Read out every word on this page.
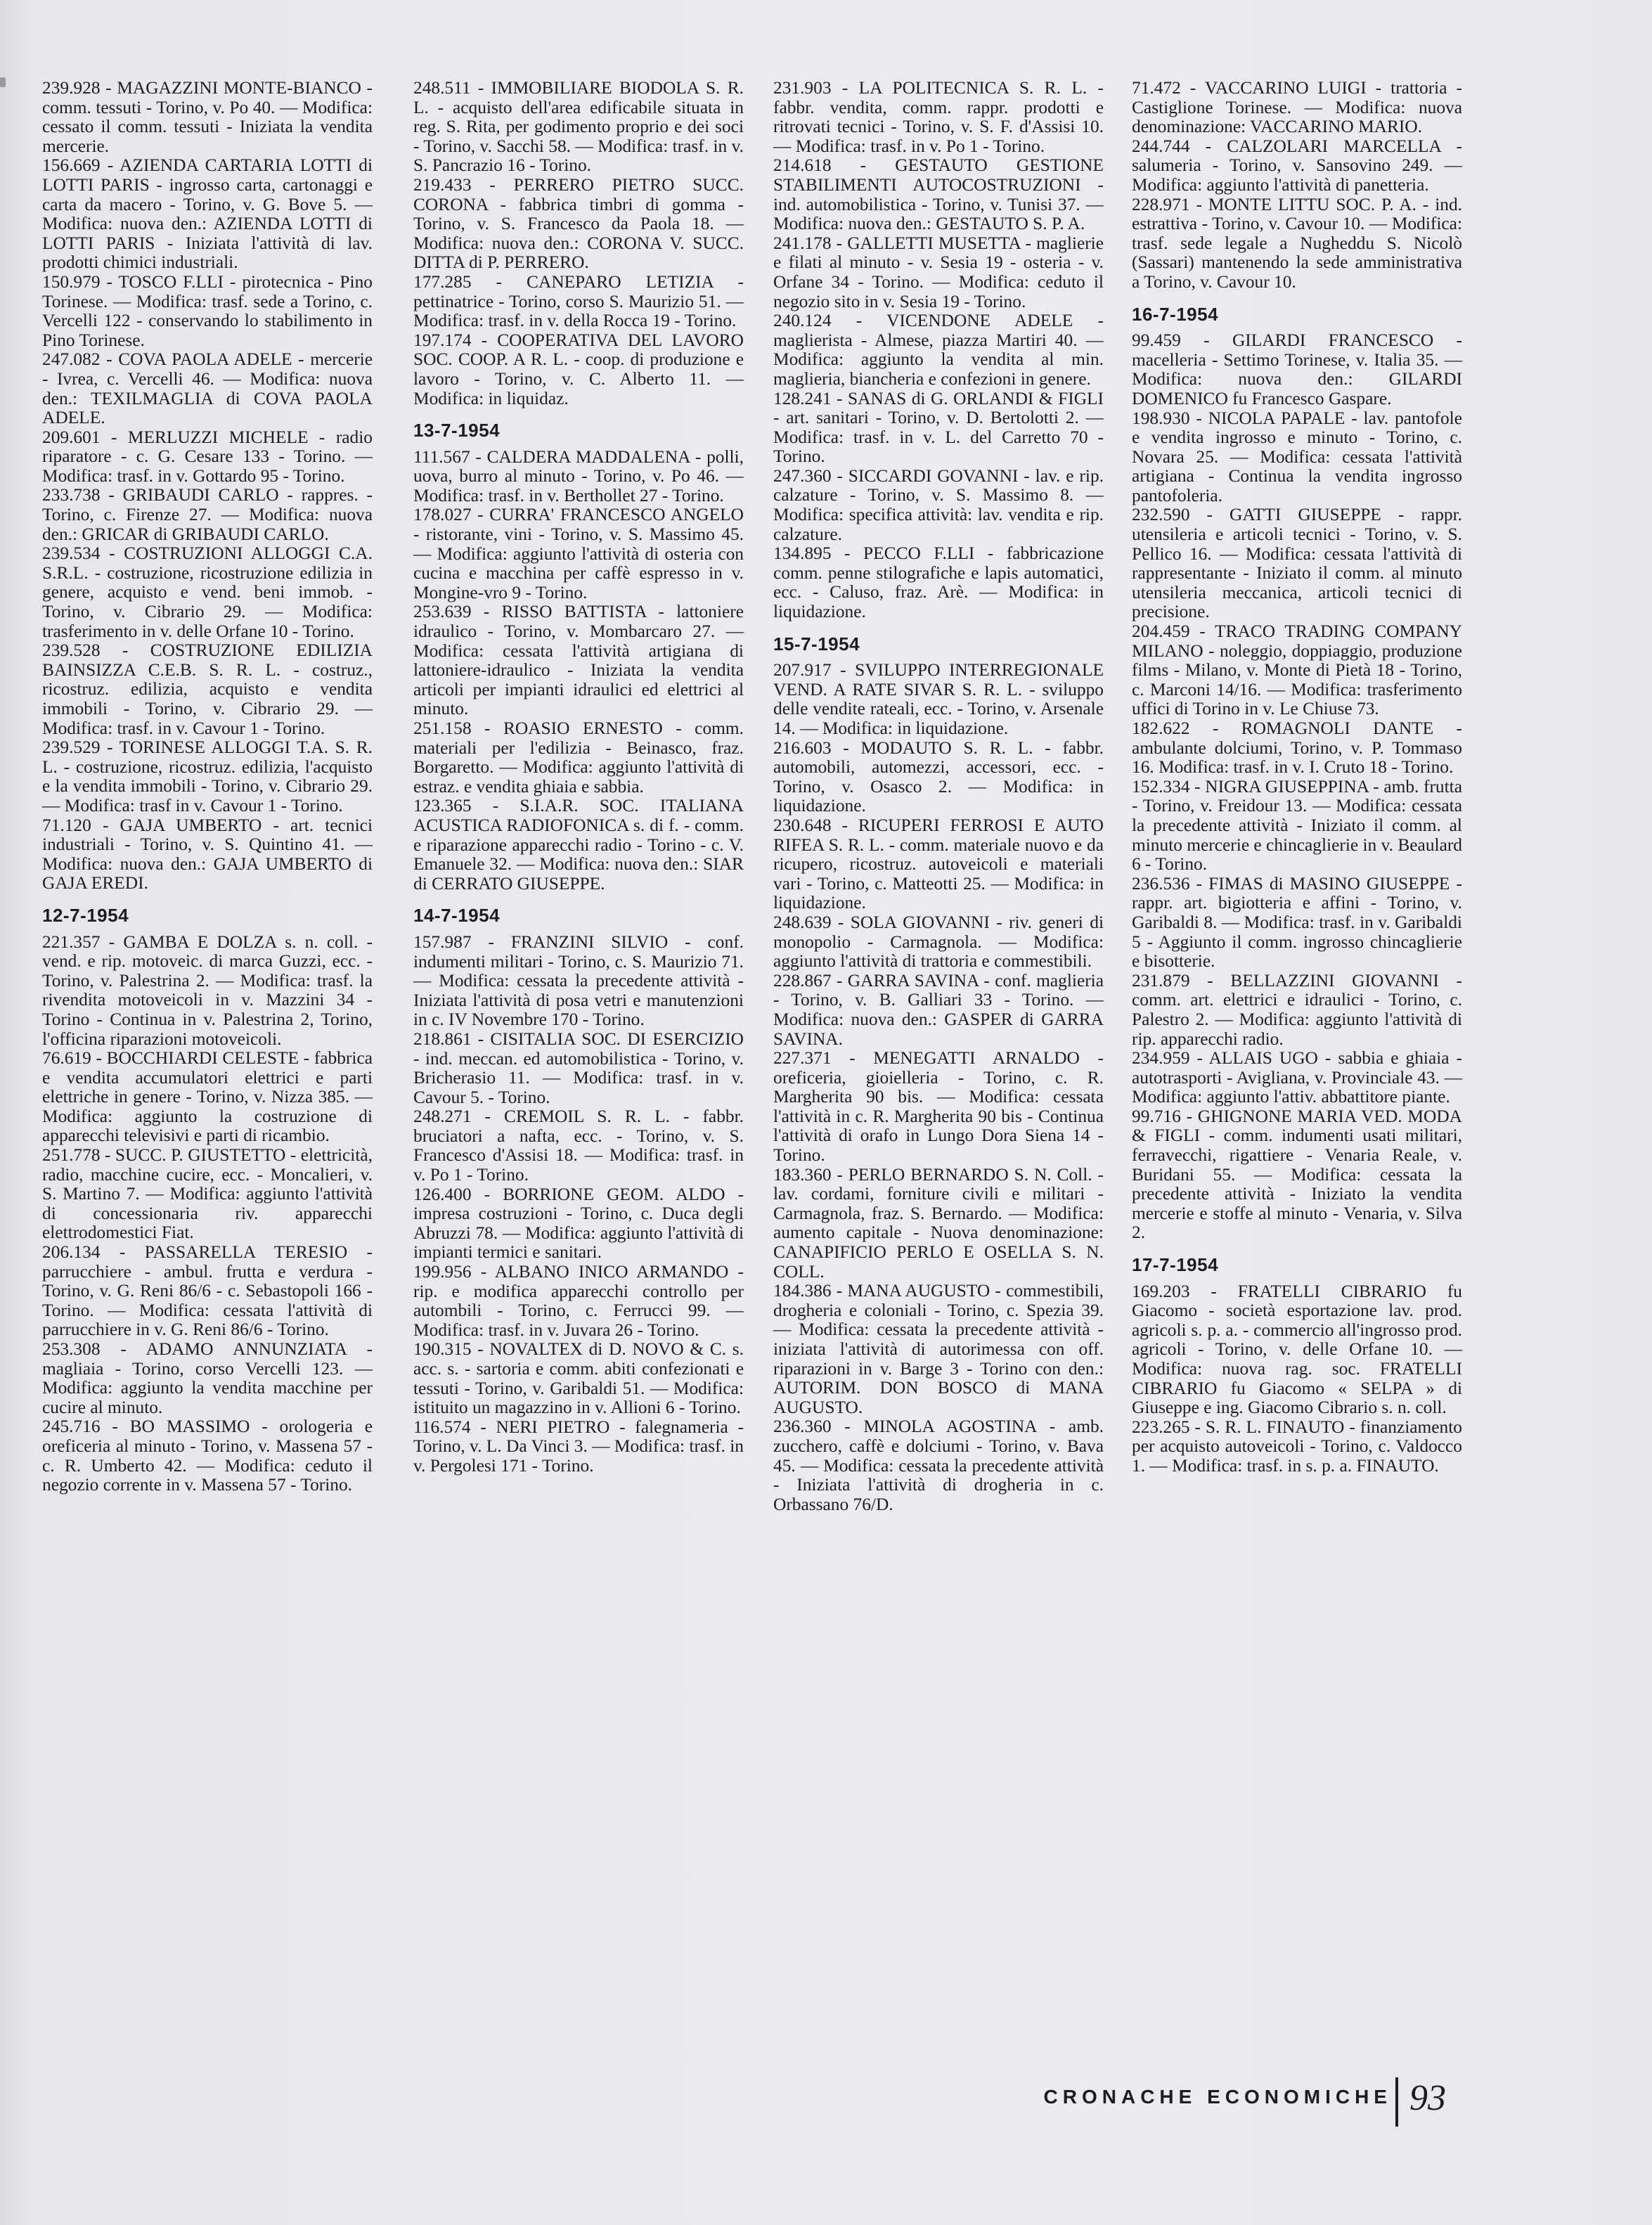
239.928 - MAGAZZINI MONTE-BIANCO - comm. tessuti - Torino, v. Po 40. — Modifica: cessato il comm. tessuti - Iniziata la vendita mercerie.
156.669 - AZIENDA CARTARIA LOTTI di LOTTI PARIS - ingrosso carta, cartonaggi e carta da macero - Torino, v. G. Bove 5. — Modifica: nuova den.: AZIENDA LOTTI di LOTTI PARIS - Iniziata l'attività di lav. prodotti chimici industriali.
150.979 - TOSCO F.LLI - pirotecnica - Pino Torinese. — Modifica: trasf. sede a Torino, c. Vercelli 122 - conservando lo stabilimento in Pino Torinese.
247.082 - COVA PAOLA ADELE - mercerie - Ivrea, c. Vercelli 46. — Modifica: nuova den.: TEXILMAGLIA di COVA PAOLA ADELE.
209.601 - MERLUZZI MICHELE - radio riparatore - c. G. Cesare 133 - Torino. — Modifica: trasf. in v. Gottardo 95 - Torino.
233.738 - GRIBAUDI CARLO - rappres. - Torino, c. Firenze 27. — Modifica: nuova den.: GRICAR di GRIBAUDI CARLO.
239.534 - COSTRUZIONI ALLOGGI C.A. S.R.L. - costruzione, ricostruzione edilizia in genere, acquisto e vend. beni immob. - Torino, v. Cibrario 29. — Modifica: trasferimento in v. delle Orfane 10 - Torino.
239.528 - COSTRUZIONE EDILIZIA BAINSIZZA C.E.B. S. R. L. - costruz., ricostruz. edilizia, acquisto e vendita immobili - Torino, v. Cibrario 29. — Modifica: trasf. in v. Cavour 1 - Torino.
239.529 - TORINESE ALLOGGI T.A. S. R. L. - costruzione, ricostruz. edilizia, l'acquisto e la vendita immobili - Torino, v. Cibrario 29. — Modifica: trasf in v. Cavour 1 - Torino.
71.120 - GAJA UMBERTO - art. tecnici industriali - Torino, v. S. Quintino 41. — Modifica: nuova den.: GAJA UMBERTO di GAJA EREDI.
12-7-1954
221.357 - GAMBA E DOLZA s. n. coll. - vend. e rip. motoveic. di marca Guzzi, ecc. - Torino, v. Palestrina 2. — Modifica: trasf. la rivendita motoveicoli in v. Mazzini 34 - Torino - Continua in v. Palestrina 2, Torino, l'officina riparazioni motoveicoli.
76.619 - BOCCHIARDI CELESTE - fabbrica e vendita accumulatori elettrici e parti elettriche in genere - Torino, v. Nizza 385. — Modifica: aggiunto la costruzione di apparecchi televisivi e parti di ricambio.
251.778 - SUCC. P. GIUSTETTO - elettricità, radio, macchine cucire, ecc. - Moncalieri, v. S. Martino 7. — Modifica: aggiunto l'attività di concessionaria riv. apparecchi elettrodomestici Fiat.
206.134 - PASSARELLA TERESIO - parrucchiere - ambul. frutta e verdura - Torino, v. G. Reni 86/6 - c. Sebastopoli 166 - Torino. — Modifica: cessata l'attività di parrucchiere in v. G. Reni 86/6 - Torino.
253.308 - ADAMO ANNUNZIATA - magliaia - Torino, corso Vercelli 123. — Modifica: aggiunto la vendita macchine per cucire al minuto.
245.716 - BO MASSIMO - orologeria e oreficeria al minuto - Torino, v. Massena 57 - c. R. Umberto 42. — Modifica: ceduto il negozio corrente in v. Massena 57 - Torino.
248.511 - IMMOBILIARE BIODOLA S. R. L. - acquisto dell'area edificabile situata in reg. S. Rita, per godimento proprio e dei soci - Torino, v. Sacchi 58. — Modifica: trasf. in v. S. Pancrazio 16 - Torino.
219.433 - PERRERO PIETRO SUCC. CORONA - fabbrica timbri di gomma - Torino, v. S. Francesco da Paola 18. — Modifica: nuova den.: CORONA V. SUCC. DITTA di P. PERRERO.
177.285 - CANEPARO LETIZIA - pettinatrice - Torino, corso S. Maurizio 51. — Modifica: trasf. in v. della Rocca 19 - Torino.
197.174 - COOPERATIVA DEL LAVORO SOC. COOP. A R. L. - coop. di produzione e lavoro - Torino, v. C. Alberto 11. — Modifica: in liquidaz.
13-7-1954
111.567 - CALDERA MADDALENA - polli, uova, burro al minuto - Torino, v. Po 46. — Modifica: trasf. in v. Berthollet 27 - Torino.
178.027 - CURRA' FRANCESCO ANGELO - ristorante, vini - Torino, v. S. Massimo 45. — Modifica: aggiunto l'attività di osteria con cucina e macchina per caffè espresso in v. Mongine-vro 9 - Torino.
253.639 - RISSO BATTISTA - lattoniere idraulico - Torino, v. Mombarcaro 27. — Modifica: cessata l'attività artigiana di lattoniere-idraulico - Iniziata la vendita articoli per impianti idraulici ed elettrici al minuto.
251.158 - ROASIO ERNESTO - comm. materiali per l'edilizia - Beinasco, fraz. Borgaretto. — Modifica: aggiunto l'attività di estraz. e vendita ghiaia e sabbia.
123.365 - S.I.A.R. SOC. ITALIANA ACUSTICA RADIOFONICA s. di f. - comm. e riparazione apparecchi radio - Torino - c. V. Emanuele 32. — Modifica: nuova den.: SIAR di CERRATO GIUSEPPE.
14-7-1954
157.987 - FRANZINI SILVIO - conf. indumenti militari - Torino, c. S. Maurizio 71. — Modifica: cessata la precedente attività - Iniziata l'attività di posa vetri e manutenzioni in c. IV Novembre 170 - Torino.
218.861 - CISITALIA SOC. DI ESERCIZIO - ind. meccan. ed automobilistica - Torino, v. Bricherasio 11. — Modifica: trasf. in v. Cavour 5. - Torino.
248.271 - CREMOIL S. R. L. - fabbr. bruciatori a nafta, ecc. - Torino, v. S. Francesco d'Assisi 18. — Modifica: trasf. in v. Po 1 - Torino.
126.400 - BORRIONE GEOM. ALDO - impresa costruzioni - Torino, c. Duca degli Abruzzi 78. — Modifica: aggiunto l'attività di impianti termici e sanitari.
199.956 - ALBANO INICO ARMANDO - rip. e modifica apparecchi controllo per autombili - Torino, c. Ferrucci 99. — Modifica: trasf. in v. Juvara 26 - Torino.
190.315 - NOVALTEX di D. NOVO & C. s. acc. s. - sartoria e comm. abiti confezionati e tessuti - Torino, v. Garibaldi 51. — Modifica: istituito un magazzino in v. Allioni 6 - Torino.
116.574 - NERI PIETRO - falegnameria - Torino, v. L. Da Vinci 3. — Modifica: trasf. in v. Pergolesi 171 - Torino.
231.903 - LA POLITECNICA S. R. L. - fabbr. vendita, comm. rappr. prodotti e ritrovati tecnici - Torino, v. S. F. d'Assisi 10. — Modifica: trasf. in v. Po 1 - Torino.
214.618 - GESTAUTO GESTIONE STABILIMENTI AUTOCOSTRUZIONI - ind. automobilistica - Torino, v. Tunisi 37. — Modifica: nuova den.: GESTAUTO S. P. A.
241.178 - GALLETTI MUSETTA - maglierie e filati al minuto - v. Sesia 19 - osteria - v. Orfane 34 - Torino. — Modifica: ceduto il negozio sito in v. Sesia 19 - Torino.
240.124 - VICENDONE ADELE - maglierista - Almese, piazza Martiri 40. — Modifica: aggiunto la vendita al min. maglieria, biancheria e confezioni in genere.
128.241 - SANAS di G. ORLANDI & FIGLI - art. sanitari - Torino, v. D. Bertolotti 2. — Modifica: trasf. in v. L. del Carretto 70 - Torino.
247.360 - SICCARDI GOVANNI - lav. e rip. calzature - Torino, v. S. Massimo 8. — Modifica: specifica attività: lav. vendita e rip. calzature.
134.895 - PECCO F.LLI - fabbricazione comm. penne stilografiche e lapis automatici, ecc. - Caluso, fraz. Arè. — Modifica: in liquidazione.
15-7-1954
207.917 - SVILUPPO INTERREGIONALE VEND. A RATE SIVAR S. R. L. - sviluppo delle vendite rateali, ecc. - Torino, v. Arsenale 14. — Modifica: in liquidazione.
216.603 - MODAUTO S. R. L. - fabbr. automobili, automezzi, accessori, ecc. - Torino, v. Osasco 2. — Modifica: in liquidazione.
230.648 - RICUPERI FERROSI E AUTO RIFEA S. R. L. - comm. materiale nuovo e da ricupero, ricostruz. autoveicoli e materiali vari - Torino, c. Matteotti 25. — Modifica: in liquidazione.
248.639 - SOLA GIOVANNI - riv. generi di monopolio - Carmagnola. — Modifica: aggiunto l'attività di trattoria e commestibili.
228.867 - GARRA SAVINA - conf. maglieria - Torino, v. B. Galliari 33 - Torino. — Modifica: nuova den.: GASPER di GARRA SAVINA.
227.371 - MENEGATTI ARNALDO - oreficeria, gioielleria - Torino, c. R. Margherita 90 bis. — Modifica: cessata l'attività in c. R. Margherita 90 bis - Continua l'attività di orafo in Lungo Dora Siena 14 - Torino.
183.360 - PERLO BERNARDO S. N. Coll. - lav. cordami, forniture civili e militari - Carmagnola, fraz. S. Bernardo. — Modifica: aumento capitale - Nuova denominazione: CANAPIFICIO PERLO E OSELLA S. N. COLL.
184.386 - MANA AUGUSTO - commestibili, drogheria e coloniali - Torino, c. Spezia 39. — Modifica: cessata la precedente attività - iniziata l'attività di autorimessa con off. riparazioni in v. Barge 3 - Torino con den.: AUTORIM. DON BOSCO di MANA AUGUSTO.
236.360 - MINOLA AGOSTINA - amb. zucchero, caffè e dolciumi - Torino, v. Bava 45. — Modifica: cessata la precedente attività - Iniziata l'attività di drogheria in c. Orbassano 76/D.
71.472 - VACCARINO LUIGI - trattoria - Castiglione Torinese. — Modifica: nuova denominazione: VACCARINO MARIO.
244.744 - CALZOLARI MARCELLA - salumeria - Torino, v. Sansovino 249. — Modifica: aggiunto l'attività di panetteria.
228.971 - MONTE LITTU SOC. P. A. - ind. estrattiva - Torino, v. Cavour 10. — Modifica: trasf. sede legale a Nugheddu S. Nicolò (Sassari) mantenendo la sede amministrativa a Torino, v. Cavour 10.
16-7-1954
99.459 - GILARDI FRANCESCO - macelleria - Settimo Torinese, v. Italia 35. — Modifica: nuova den.: GILARDI DOMENICO fu Francesco Gaspare.
198.930 - NICOLA PAPALE - lav. pantofole e vendita ingrosso e minuto - Torino, c. Novara 25. — Modifica: cessata l'attività artigiana - Continua la vendita ingrosso pantofoleria.
232.590 - GATTI GIUSEPPE - rappr. utensileria e articoli tecnici - Torino, v. S. Pellico 16. — Modifica: cessata l'attività di rappresentante - Iniziato il comm. al minuto utensileria meccanica, articoli tecnici di precisione.
204.459 - TRACO TRADING COMPANY MILANO - noleggio, doppiaggio, produzione films - Milano, v. Monte di Pietà 18 - Torino, c. Marconi 14/16. — Modifica: trasferimento uffici di Torino in v. Le Chiuse 73.
182.622 - ROMAGNOLI DANTE - ambulante dolciumi, Torino, v. P. Tommaso 16. Modifica: trasf. in v. I. Cruto 18 - Torino.
152.334 - NIGRA GIUSEPPINA - amb. frutta - Torino, v. Freidour 13. — Modifica: cessata la precedente attività - Iniziato il comm. al minuto mercerie e chincaglierie in v. Beaulard 6 - Torino.
236.536 - FIMAS di MASINO GIUSEPPE - rappr. art. bigiotteria e affini - Torino, v. Garibaldi 8. — Modifica: trasf. in v. Garibaldi 5 - Aggiunto il comm. ingrosso chincaglierie e bisotterie.
231.879 - BELLAZZINI GIOVANNI - comm. art. elettrici e idraulici - Torino, c. Palestro 2. — Modifica: aggiunto l'attività di rip. apparecchi radio.
234.959 - ALLAIS UGO - sabbia e ghiaia - autotrasporti - Avigliana, v. Provinciale 43. — Modifica: aggiunto l'attiv. abbattitore piante.
99.716 - GHIGNONE MARIA VED. MODA & FIGLI - comm. indumenti usati militari, ferravecchi, rigattiere - Venaria Reale, v. Buridani 55. — Modifica: cessata la precedente attività - Iniziato la vendita mercerie e stoffe al minuto - Venaria, v. Silva 2.
17-7-1954
169.203 - FRATELLI CIBRARIO fu Giacomo - società esportazione lav. prod. agricoli s. p. a. - commercio all'ingrosso prod. agricoli - Torino, v. delle Orfane 10. — Modifica: nuova rag. soc. FRATELLI CIBRARIO fu Giacomo « SELPA » di Giuseppe e ing. Giacomo Cibrario s. n. coll.
223.265 - S. R. L. FINAUTO - finanziamento per acquisto autoveicoli - Torino, c. Valdocco 1. — Modifica: trasf. in s. p. a. FINAUTO.
CRONACHE ECONOMICHE 93
